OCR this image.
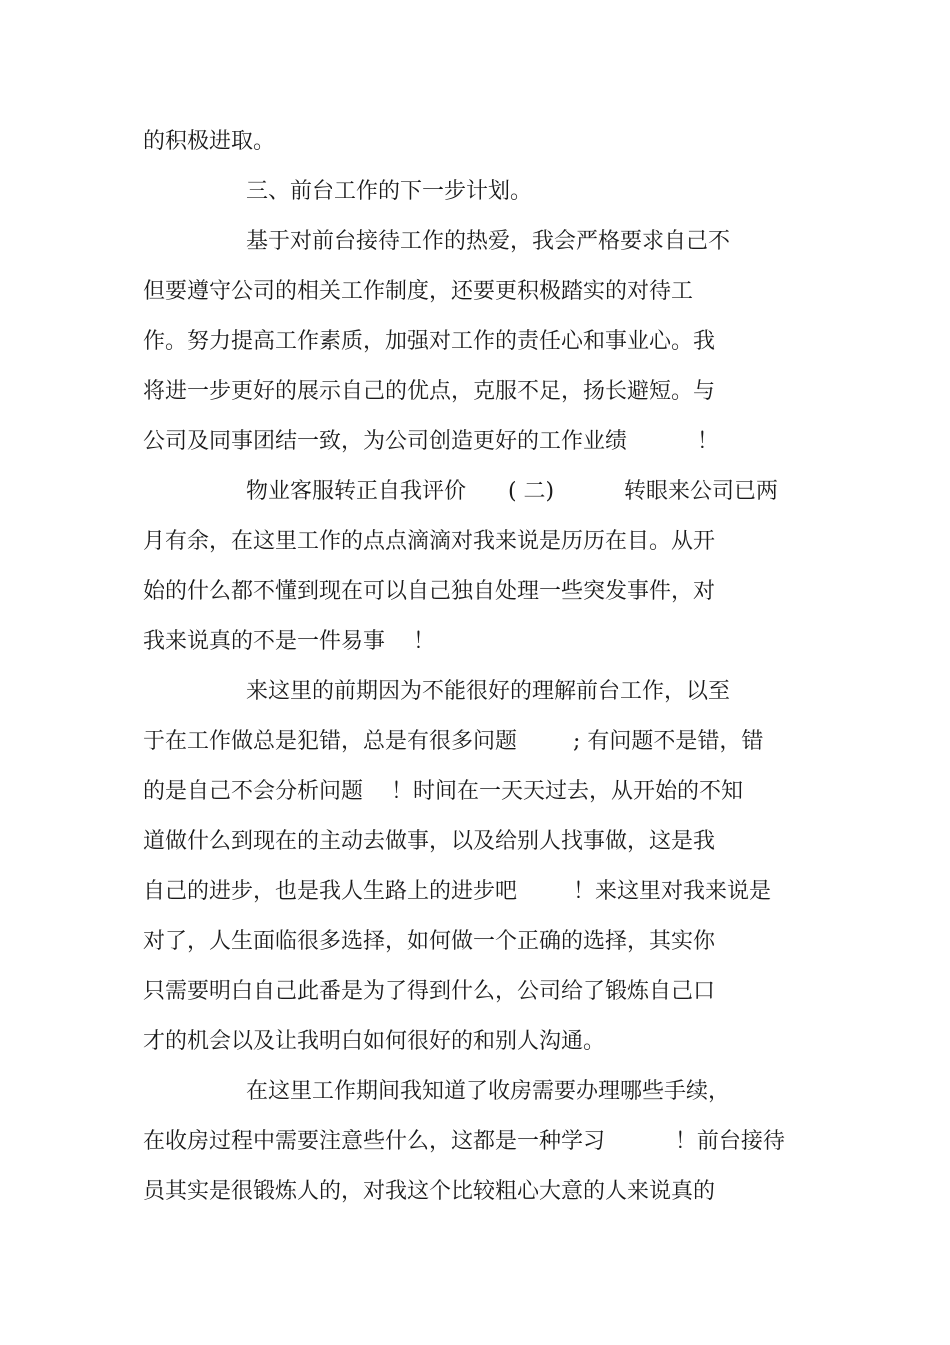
的积极进取。
三、前台工作的下一步计划。
基于对前台接待工作的热爱，我会严格要求自己不
但要遵守公司的相关工作制度，还要更积极踏实的对待工
作。努力提高工作素质，加强对工作的责任心和事业心。我
将进一步更好的展示自己的优点，克服不足，扬长避短。与
公司及同事团结一致，为公司创造更好的工作业绩          ！
物业客服转正自我评价      ( 二)          转眼来公司已两
月有余，在这里工作的点点滴滴对我来说是历历在目。从开
始的什么都不懂到现在可以自己独自处理一些突发事件，对
我来说真的不是一件易事    ！
来这里的前期因为不能很好的理解前台工作，以至
于在工作做总是犯错，总是有很多问题        ; 有问题不是错，错
的是自己不会分析问题    ！时间在一天天过去，从开始的不知
道做什么到现在的主动去做事，以及给别人找事做，这是我
自己的进步，也是我人生路上的进步吧        ！来这里对我来说是
对了，人生面临很多选择，如何做一个正确的选择，其实你
只需要明白自己此番是为了得到什么，公司给了锻炼自己口
才的机会以及让我明白如何很好的和别人沟通。
在这里工作期间我知道了收房需要办理哪些手续，
在收房过程中需要注意些什么，这都是一种学习          ！前台接待
员其实是很锻炼人的，对我这个比较粗心大意的人来说真的
